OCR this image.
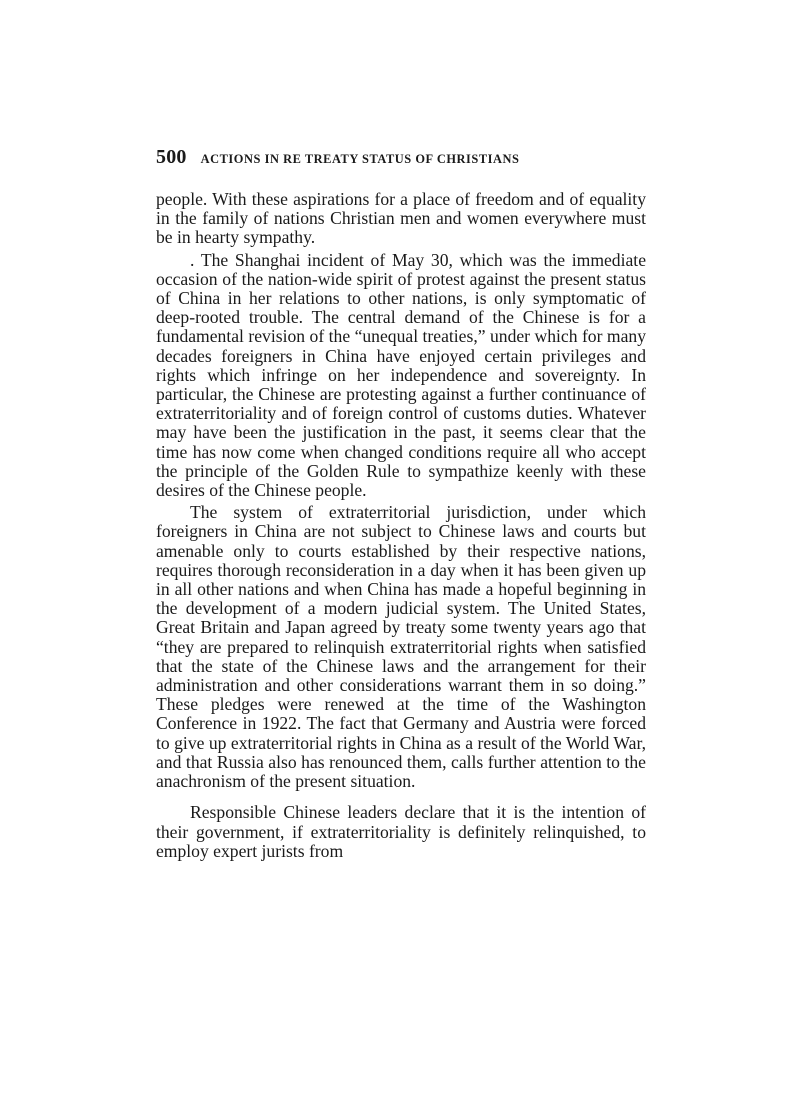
500 ACTIONS IN RE TREATY STATUS OF CHRISTIANS

people. With these aspirations for a place of freedom and of equality in the family of nations Christian men and women everywhere must be in hearty sympathy.

. The Shanghai incident of May 30, which was the immediate occasion of the nation-wide spirit of protest against the present status of China in her relations to other nations, is only symptomatic of deep-rooted trouble. The central demand of the Chinese is for a fundamental revision of the “unequal treaties,” under which for many decades foreigners in China have enjoyed certain privileges and rights which infringe on her independence and sovereignty. In particular, the Chinese are protesting against a further continuance of extraterritoriality and of foreign control of customs duties. Whatever may have been the justification in the past, it seems clear that the time has now come when changed conditions require all who accept the principle of the Golden Rule to sympathize keenly with these desires of the Chinese people.

The system of extraterritorial jurisdiction, under which foreigners in China are not subject to Chinese laws and courts but amenable only to courts established by their respective nations, requires thorough reconsideration in a day when it has been given up in all other nations and when China has made a hopeful beginning in the development of a modern judicial system. The United States, Great Britain and Japan agreed by treaty some twenty years ago that “they are prepared to relinquish extraterritorial rights when satisfied that the state of the Chinese laws and the arrangement for their administration and other considerations warrant them in so doing.” These pledges were renewed at the time of the Washington Conference in 1922. The fact that Germany and Austria were forced to give up extraterritorial rights in China as a result of the World War, and that Russia also has renounced them, calls further attention to the anachronism of the present situation.

Responsible Chinese leaders declare that it is the intention of their government, if extraterritoriality is definitely relinquished, to employ expert jurists from
